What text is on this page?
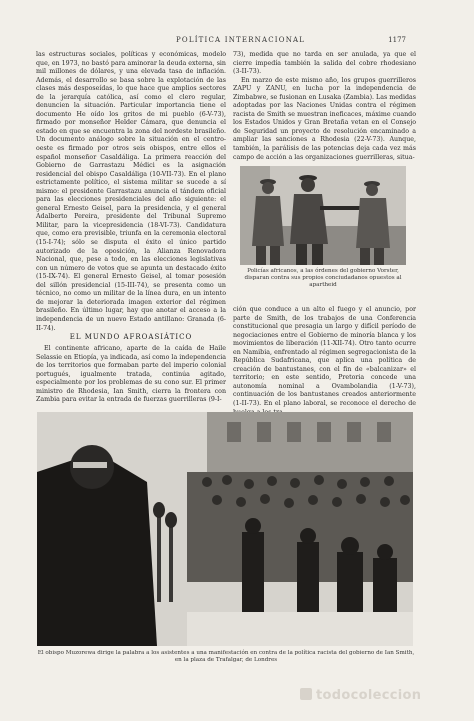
POLÍTICA INTERNACIONAL	1177

las estructuras sociales, políticas y económicas, modelo que, en 1973, no bastó para aminorar la deuda externa, sin mil millones de dólares, y una elevada tasa de inflación. Además, el desarrollo se basa sobre la explotación de las clases más desposeídas, lo que hace que amplios sectores de la jerarquía católica, así como el clero regular, denuncien la situación. Particular importancia tiene el documento He oído los gritos de mi pueblo (6-V-73), firmado por monseñor Helder Cámara, que denuncia el estado en que se encuentra la zona del nordeste brasileño. Un documento análogo sobre la situación en el centro-oeste es firmado por otros seis obispos, entre ellos el español monseñor Casaldáliga. La primera reacción del Gobierno de Garrastazu Médici es la asignación residencial del obispo Casaldáliga (10-VII-73). En el plano estrictamente político, el sistema militar se sucede a sí mismo: el presidente Garrastazu anuncia el tándem oficial para las elecciones presidenciales del año siguiente: el general Ernesto Geisel, para la presidencia, y el general Adalberto Pereira, presidente del Tribunal Supremo Militar, para la vicepresidencia (18-VI-73). Candidatura que, como era previsible, triunfa en la ceremonia electoral (15-I-74); sólo se disputa el éxito el único partido autorizado de la oposición, la Alianza Renovadora Nacional, que, pese a todo, en las elecciones legislativas con un número de votos que se apunta un destacado éxito (15-IX-74). El general Ernesto Geisel, al tomar posesión del sillón presidencial (15-III-74), se presenta como un técnico, no como un militar de la línea dura, en un intento de mejorar la deteriorada imagen exterior del régimen brasileño. En último lugar, hay que anotar el acceso a la independencia de un nuevo Estado antillano: Granada (6-II-74).

73), medida que no tarda en ser anulada, ya que el cierre impedía también la salida del cobre rhodesiano (3-II-73).

En marzo de este mismo año, los grupos guerrilleros ZAPU y ZANU, en lucha por la independencia de Zimbabwe, se fusionan en Lusaka (Zambia). Las medidas adoptadas por las Naciones Unidas contra el régimen racista de Smith se muestran ineficaces, máxime cuando los Estados Unidos y Gran Bretaña vetan en el Consejo de Seguridad un proyecto de resolución encaminado a ampliar las sanciones a Rhodesia (22-V-73). Aunque, también, la parálisis de las potencias deja cada vez más campo de acción a las organizaciones guerrilleras, situa-

Policías africanos, a las órdenes del gobierno Vorster, disparan contra sus propios conciudadanos opuestos al apartheid
EL MUNDO AFROASIÁTICO

El continente africano, aparte de la caída de Haile Selassie en Etiopía, ya indicada, así como la independencia de los territorios que formaban parte del imperio colonial portugués, igualmente tratada, continúa agitado, especialmente por los problemas de su cono sur. El primer ministro de Rhodesia, Ian Smith, cierra la frontera con Zambia para evitar la entrada de fuerzas guerrilleras (9-I-

ción que conduce a un alto el fuego y el anuncio, por parte de Smith, de los trabajos de una Conferencia constitucional que presagia un largo y difícil período de negociaciones entre el Gobierno de minoría blanca y los movimientos de liberación (11-XII-74). Otro tanto ocurre en Namibia, enfrentado al régimen segregacionista de la República Sudafricana, que aplica una política de creación de bantustanes, con el fin de «balcanizar» el territorio; en este sentido, Pretoria concede una autonomía nominal a Ovambolandia (1-V-73), continuación de los bantustanes creados anteriormente (1-II-73). En el plano laboral, se reconoce el derecho de

El obispo Muzorewa dirige la palabra a los asistentes a una manifestación en contra de la política racista del gobierno de Ian Smith, en la plaza de Trafalgar, de Londres
todocoleccion
